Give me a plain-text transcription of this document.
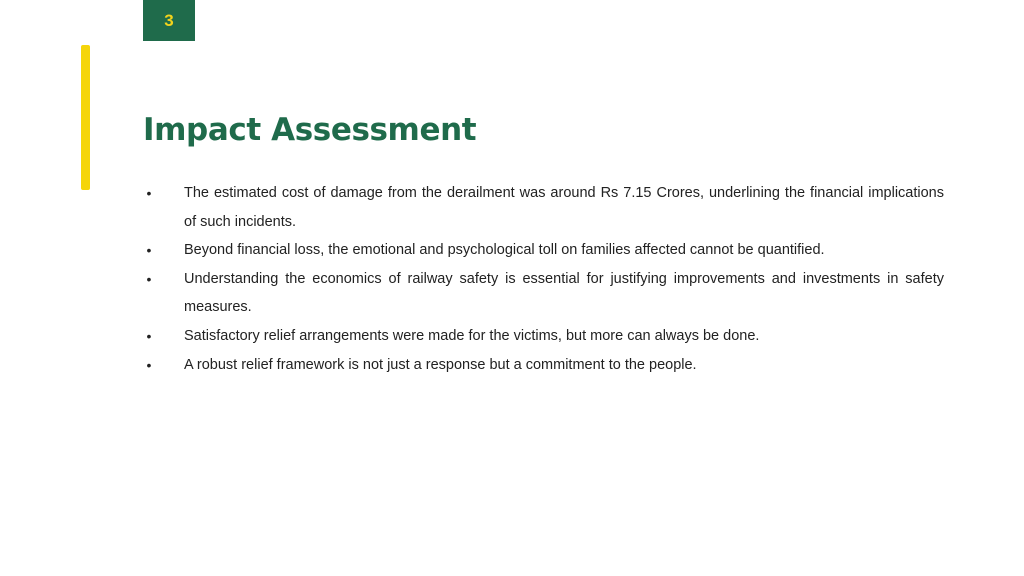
3
Impact Assessment
• The estimated cost of damage from the derailment was around Rs 7.15 Crores, underlining the financial implications of such incidents.
• Beyond financial loss, the emotional and psychological toll on families affected cannot be quantified.
• Understanding the economics of railway safety is essential for justifying improvements and investments in safety measures.
• Satisfactory relief arrangements were made for the victims, but more can always be done.
• A robust relief framework is not just a response but a commitment to the people.
